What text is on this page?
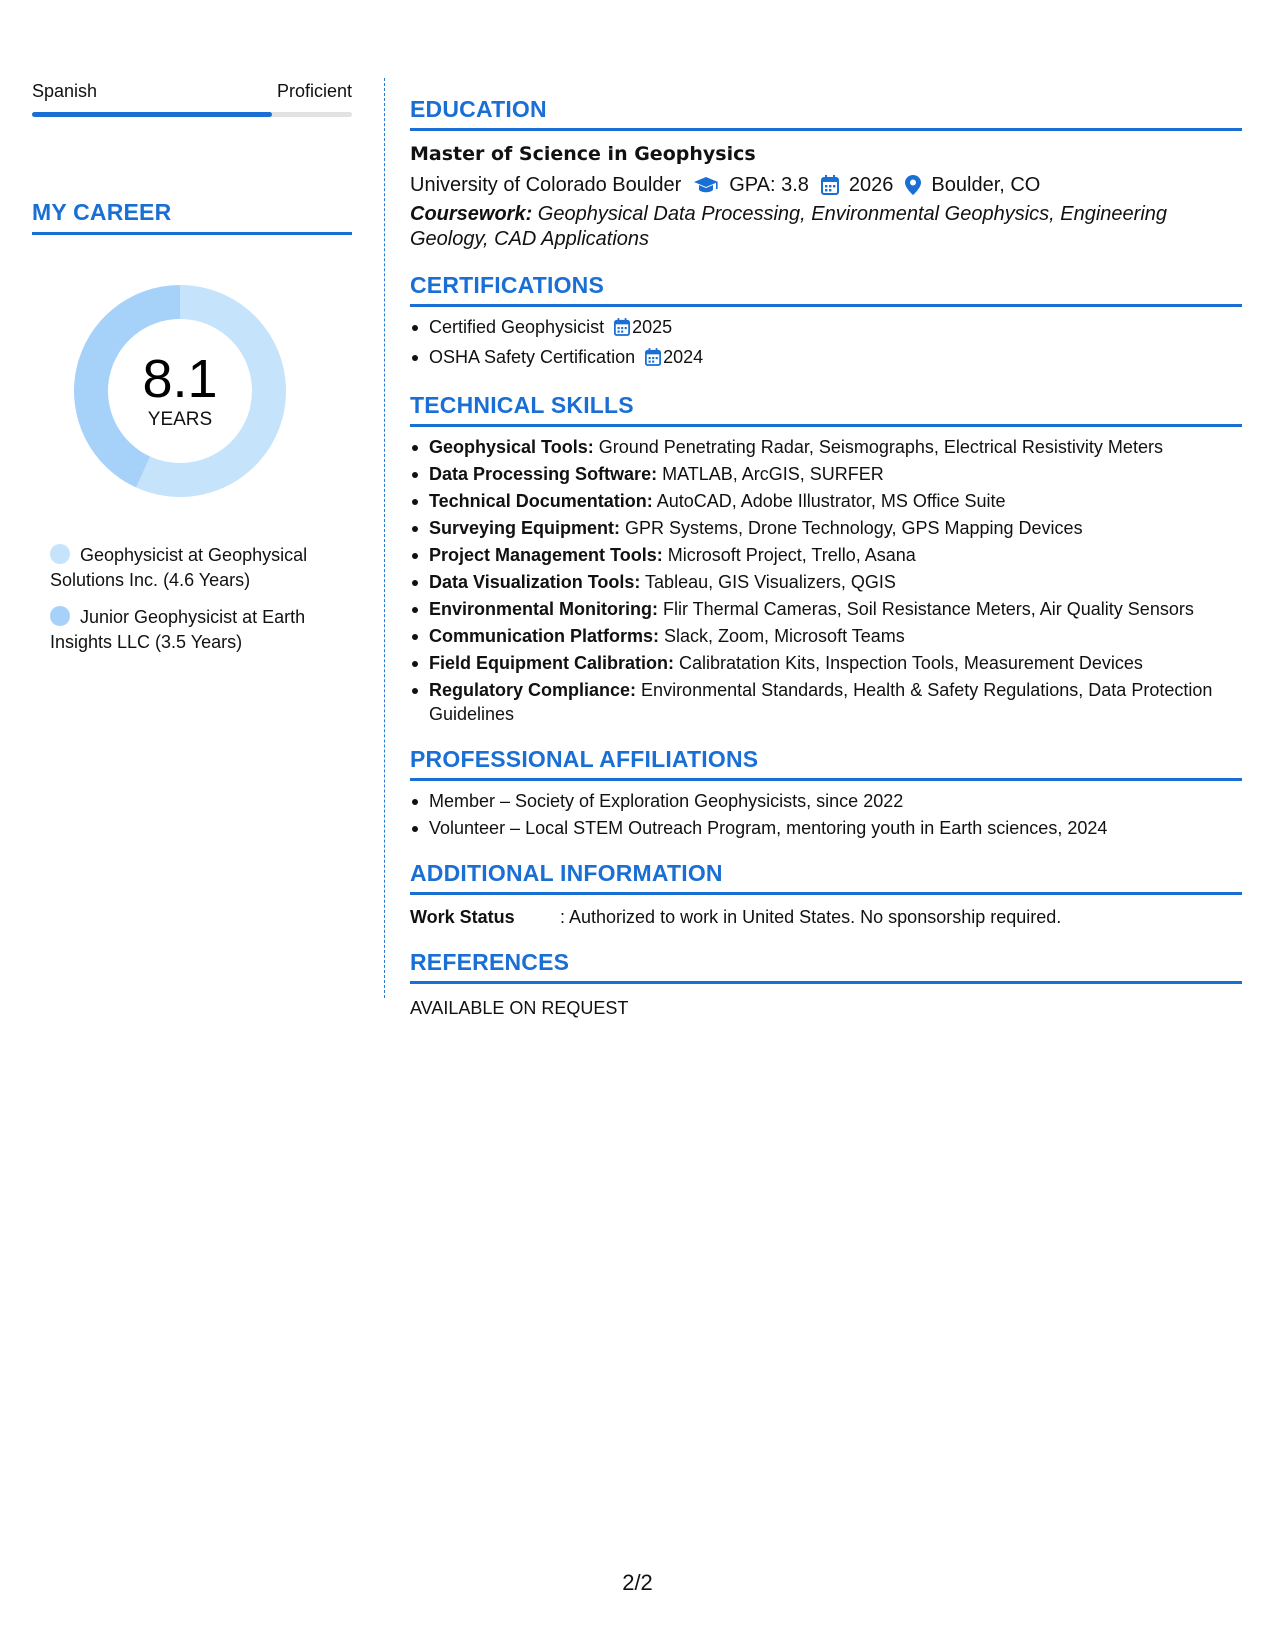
Spanish	Proficient
MY CAREER
8.1
YEARS
Geophysicist at Geophysical Solutions Inc. (4.6 Years)
Junior Geophysicist at Earth Insights LLC (3.5 Years)
EDUCATION
Master of Science in Geophysics
University of Colorado Boulder GPA: 3.8 2026 Boulder, CO
Coursework: Geophysical Data Processing, Environmental Geophysics, Engineering Geology, CAD Applications
CERTIFICATIONS
Certified Geophysicist 2025
OSHA Safety Certification 2024
TECHNICAL SKILLS
Geophysical Tools: Ground Penetrating Radar, Seismographs, Electrical Resistivity Meters
Data Processing Software: MATLAB, ArcGIS, SURFER
Technical Documentation: AutoCAD, Adobe Illustrator, MS Office Suite
Surveying Equipment: GPR Systems, Drone Technology, GPS Mapping Devices
Project Management Tools: Microsoft Project, Trello, Asana
Data Visualization Tools: Tableau, GIS Visualizers, QGIS
Environmental Monitoring: Flir Thermal Cameras, Soil Resistance Meters, Air Quality Sensors
Communication Platforms: Slack, Zoom, Microsoft Teams
Field Equipment Calibration: Calibratation Kits, Inspection Tools, Measurement Devices
Regulatory Compliance: Environmental Standards, Health & Safety Regulations, Data Protection Guidelines
PROFESSIONAL AFFILIATIONS
Member – Society of Exploration Geophysicists, since 2022
Volunteer – Local STEM Outreach Program, mentoring youth in Earth sciences, 2024
ADDITIONAL INFORMATION
Work Status	: Authorized to work in United States. No sponsorship required.
REFERENCES
AVAILABLE ON REQUEST
2/2
